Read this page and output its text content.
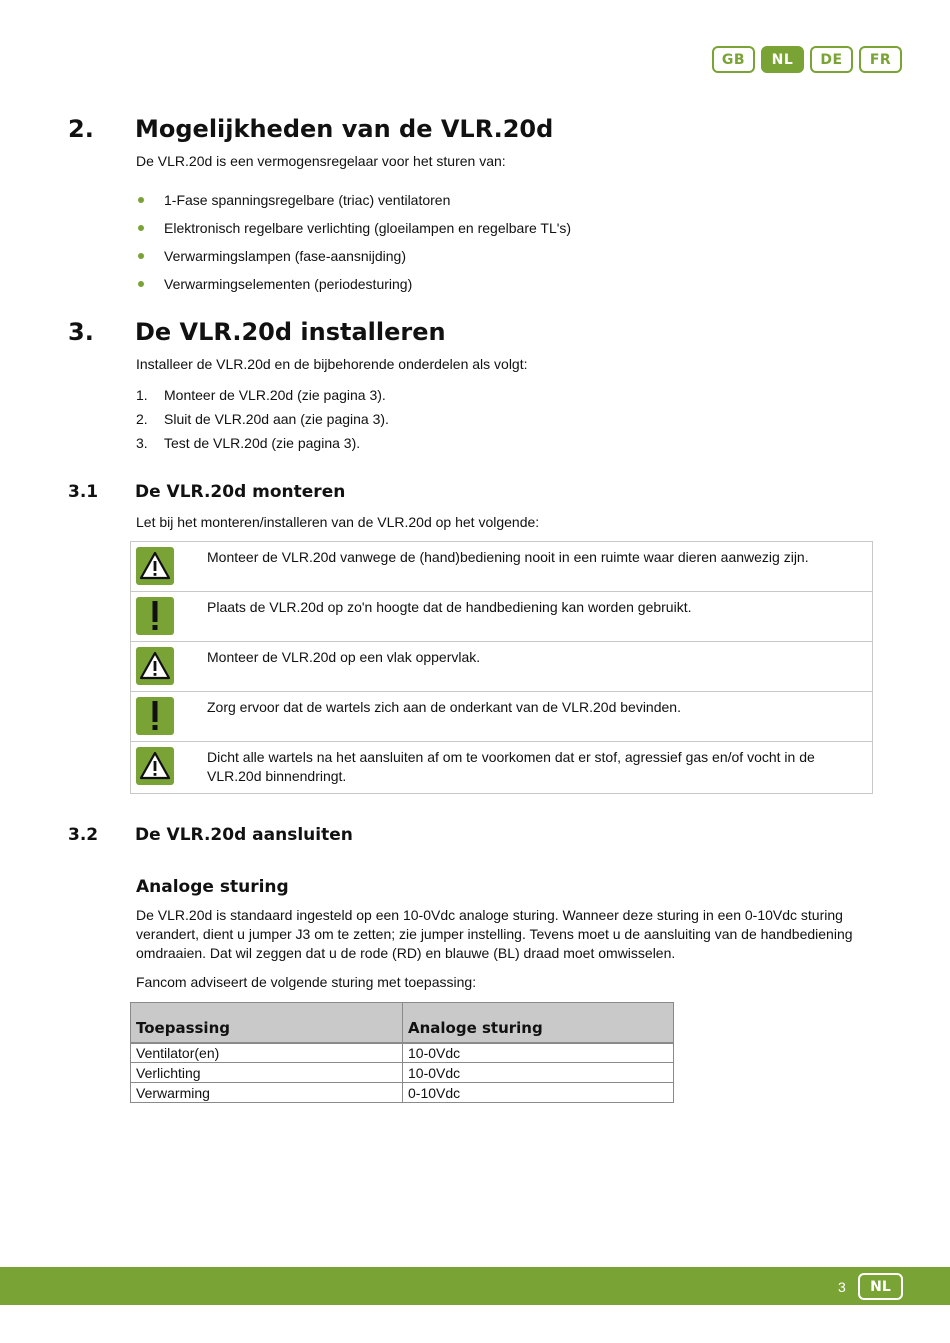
GB	NL	DE	FR
2. Mogelijkheden van de VLR.20d
De VLR.20d is een vermogensregelaar voor het sturen van:
1-Fase spanningsregelbare (triac) ventilatoren
Elektronisch regelbare verlichting (gloeilampen en regelbare TL's)
Verwarmingslampen (fase-aansnijding)
Verwarmingselementen (periodesturing)
3. De VLR.20d installeren
Installeer de VLR.20d en de bijbehorende onderdelen als volgt:
1.	Monteer de VLR.20d (zie pagina 3).
2.	Sluit de VLR.20d aan (zie pagina 3).
3.	Test de VLR.20d (zie pagina 3).
3.1 De VLR.20d monteren
Let bij het monteren/installeren van de VLR.20d op het volgende:
Monteer de VLR.20d vanwege de (hand)bediening nooit in een ruimte waar dieren aanwezig zijn.
Plaats de VLR.20d op zo'n hoogte dat de handbediening kan worden gebruikt.
Monteer de VLR.20d op een vlak oppervlak.
Zorg ervoor dat de wartels zich aan de onderkant van de VLR.20d bevinden.
Dicht alle wartels na het aansluiten af om te voorkomen dat er stof, agressief gas en/of vocht in de VLR.20d binnendringt.
3.2 De VLR.20d aansluiten
Analoge sturing
De VLR.20d is standaard ingesteld op een 10-0Vdc analoge sturing. Wanneer deze sturing in een 0-10Vdc sturing verandert, dient u jumper J3 om te zetten; zie jumper instelling. Tevens moet u de aansluiting van de handbediening omdraaien. Dat wil zeggen dat u de rode (RD) en blauwe (BL) draad moet omwisselen.
Fancom adviseert de volgende sturing met toepassing:
Toepassing	Analoge sturing
Ventilator(en)	10-0Vdc
Verlichting	10-0Vdc
Verwarming	0-10Vdc
3	NL
